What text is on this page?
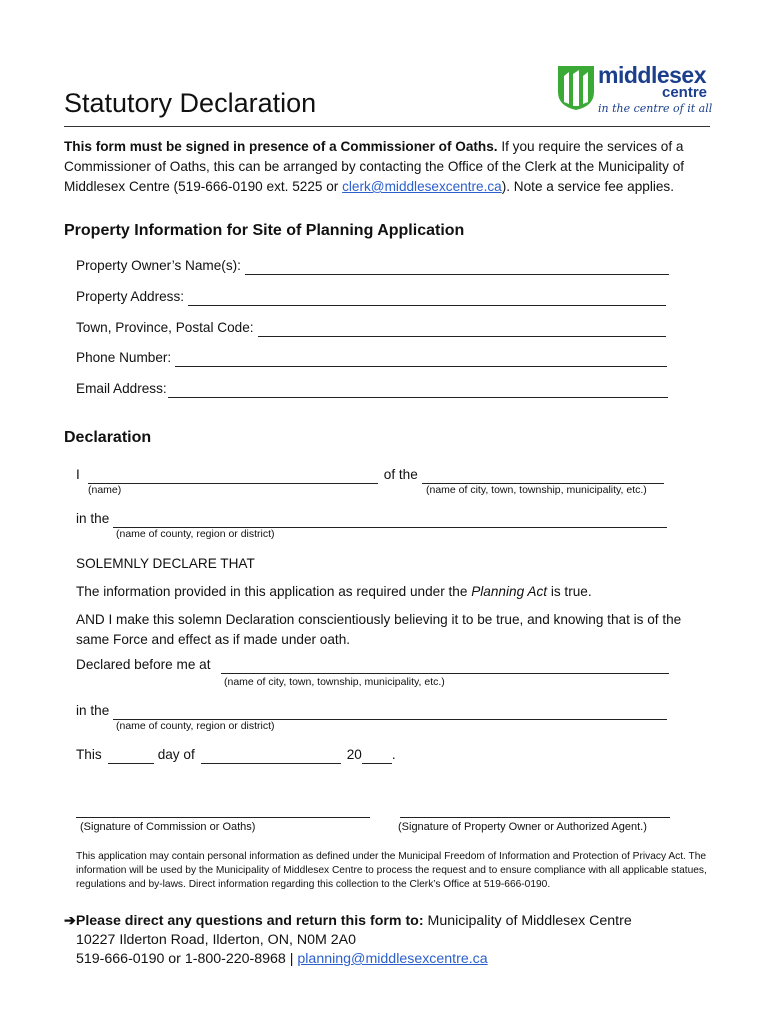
middlesex
centre
in the centre of it all
Statutory Declaration
This form must be signed in presence of a Commissioner of Oaths. If you require the services of a Commissioner of Oaths, this can be arranged by contacting the Office of the Clerk at the Municipality of Middlesex Centre (519-666-0190 ext. 5225 or clerk@middlesexcentre.ca). Note a service fee applies.
Property Information for Site of Planning Application
Property Owner’s Name(s):
Property Address:
Town, Province, Postal Code:
Phone Number:
Email Address:
Declaration
I	of the
(name)	(name of city, town, township, municipality, etc.)
in the
(name of county, region or district)
SOLEMNLY DECLARE THAT
The information provided in this application as required under the Planning Act is true.
AND I make this solemn Declaration conscientiously believing it to be true, and knowing that is of the same Force and effect as if made under oath.
Declared before me at
(name of city, town, township, municipality, etc.)
in the
(name of county, region or district)
This	day of	20 .
(Signature of Commission or Oaths)	(Signature of Property Owner or Authorized Agent.)
This application may contain personal information as defined under the Municipal Freedom of Information and Protection of Privacy Act. The information will be used by the Municipality of Middlesex Centre to process the request and to ensure compliance with all applicable statues, regulations and by-laws. Direct information regarding this collection to the Clerk’s Office at 519-666-0190.
➔Please direct any questions and return this form to: Municipality of Middlesex Centre
10227 Ilderton Road, Ilderton, ON, N0M 2A0
519-666-0190 or 1-800-220-8968 | planning@middlesexcentre.ca
